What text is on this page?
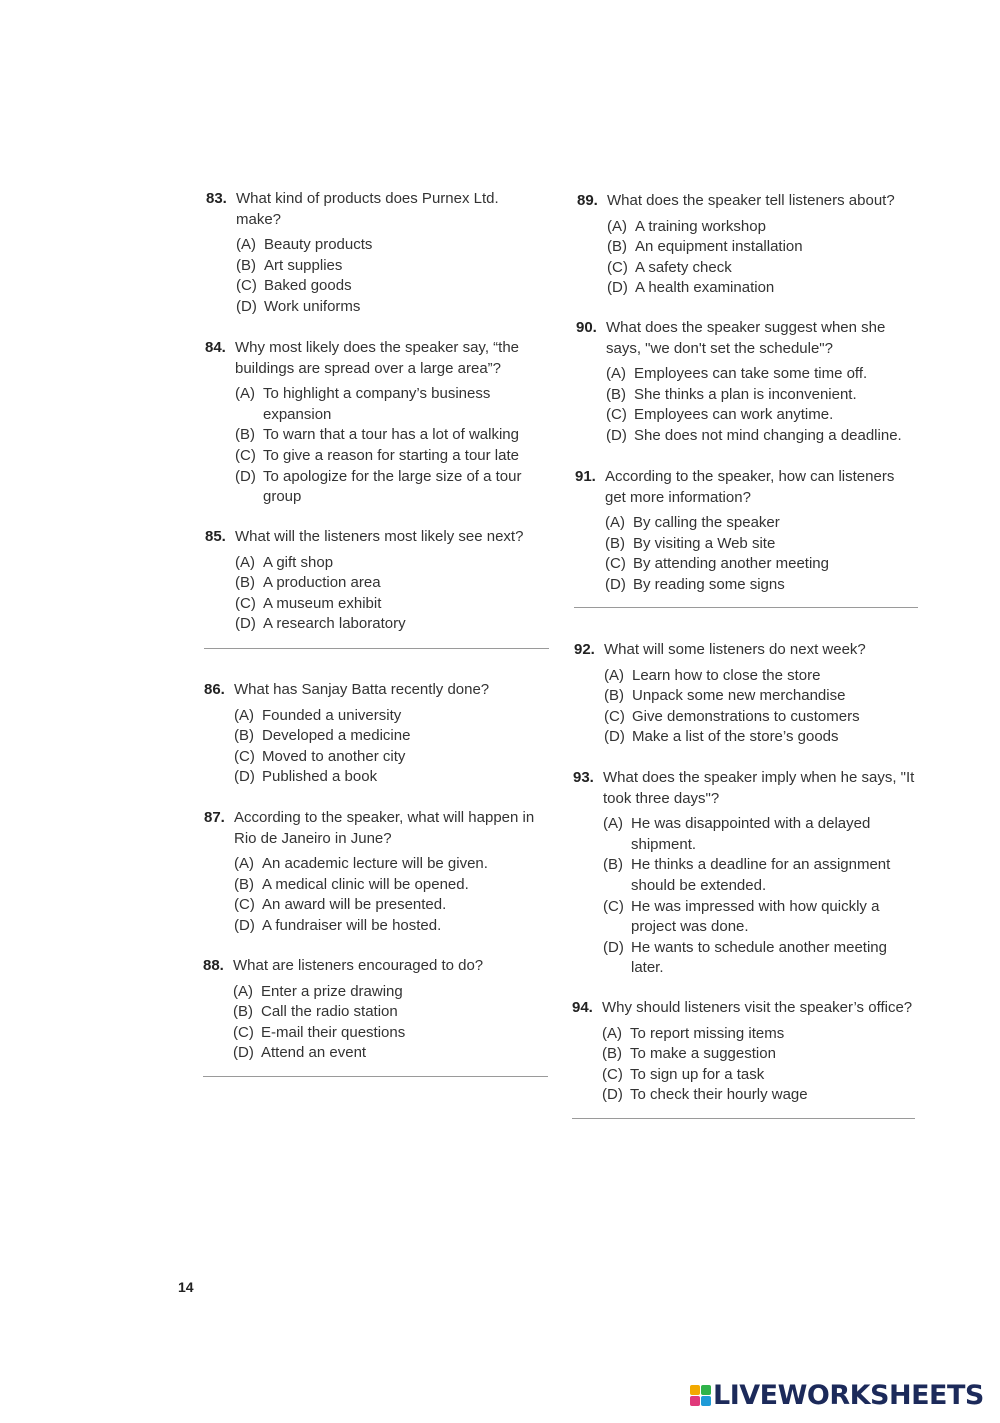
83. What kind of products does Purnex Ltd. make?
(A) Beauty products
(B) Art supplies
(C) Baked goods
(D) Work uniforms
84. Why most likely does the speaker say, “the buildings are spread over a large area”?
(A) To highlight a company’s business expansion
(B) To warn that a tour has a lot of walking
(C) To give a reason for starting a tour late
(D) To apologize for the large size of a tour group
85. What will the listeners most likely see next?
(A) A gift shop
(B) A production area
(C) A museum exhibit
(D) A research laboratory
86. What has Sanjay Batta recently done?
(A) Founded a university
(B) Developed a medicine
(C) Moved to another city
(D) Published a book
87. According to the speaker, what will happen in Rio de Janeiro in June?
(A) An academic lecture will be given.
(B) A medical clinic will be opened.
(C) An award will be presented.
(D) A fundraiser will be hosted.
88. What are listeners encouraged to do?
(A) Enter a prize drawing
(B) Call the radio station
(C) E-mail their questions
(D) Attend an event
89. What does the speaker tell listeners about?
(A) A training workshop
(B) An equipment installation
(C) A safety check
(D) A health examination
90. What does the speaker suggest when she says, "we don't set the schedule"?
(A) Employees can take some time off.
(B) She thinks a plan is inconvenient.
(C) Employees can work anytime.
(D) She does not mind changing a deadline.
91. According to the speaker, how can listeners get more information?
(A) By calling the speaker
(B) By visiting a Web site
(C) By attending another meeting
(D) By reading some signs
92. What will some listeners do next week?
(A) Learn how to close the store
(B) Unpack some new merchandise
(C) Give demonstrations to customers
(D) Make a list of the store’s goods
93. What does the speaker imply when he says, "It took three days"?
(A) He was disappointed with a delayed shipment.
(B) He thinks a deadline for an assignment should be extended.
(C) He was impressed with how quickly a project was done.
(D) He wants to schedule another meeting later.
94. Why should listeners visit the speaker’s office?
(A) To report missing items
(B) To make a suggestion
(C) To sign up for a task
(D) To check their hourly wage
14
LIVEWORKSHEETS
